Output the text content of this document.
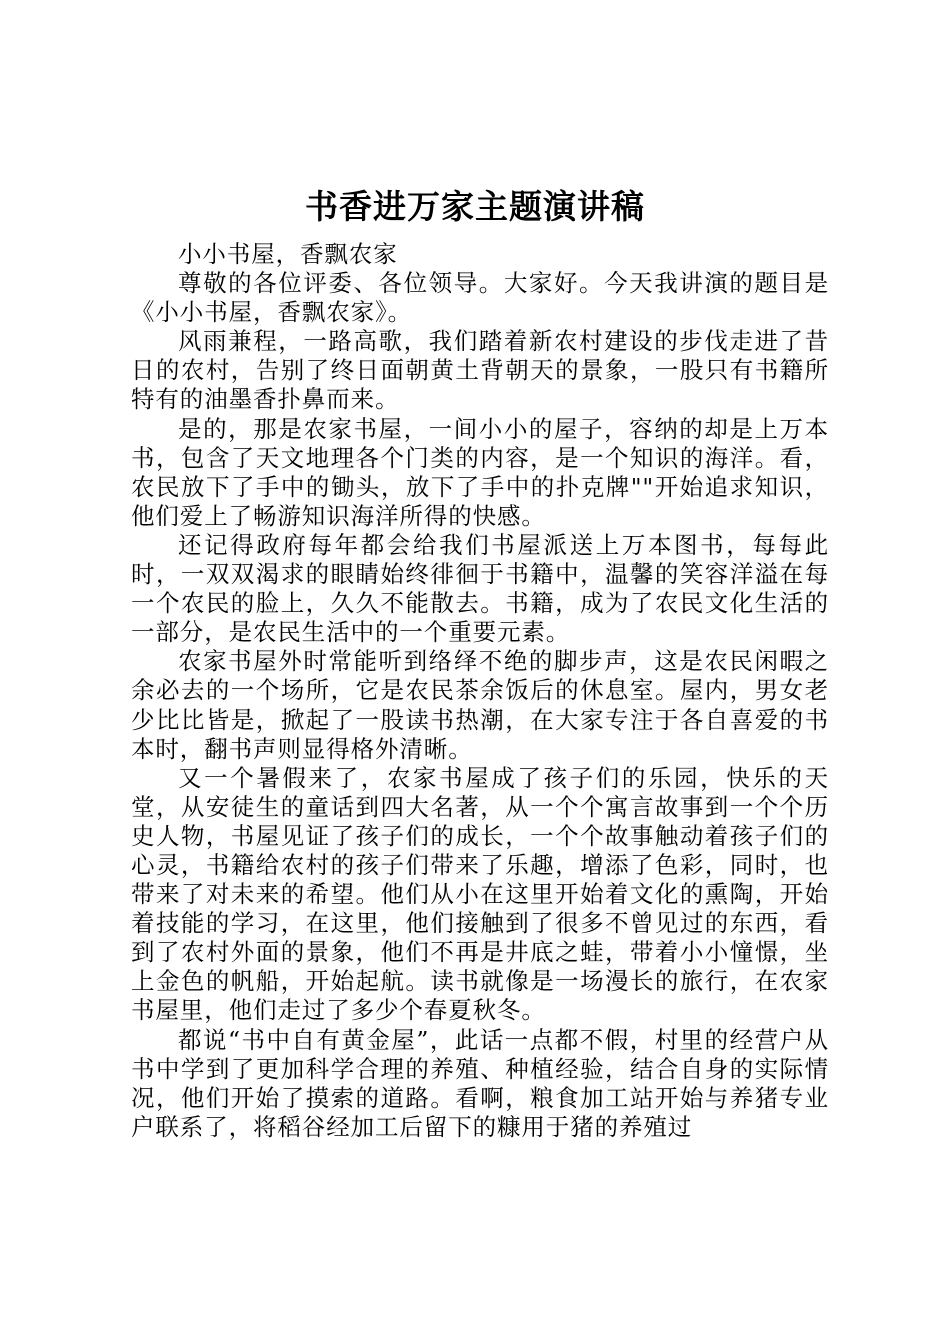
书香进万家主题演讲稿

小小书屋，香飘农家

尊敬的各位评委、各位领导。大家好。今天我讲演的题目是《小小书屋，香飘农家》。

风雨兼程，一路高歌，我们踏着新农村建设的步伐走进了昔日的农村，告别了终日面朝黄土背朝天的景象，一股只有书籍所特有的油墨香扑鼻而来。

是的，那是农家书屋，一间小小的屋子，容纳的却是上万本书，包含了天文地理各个门类的内容，是一个知识的海洋。看，农民放下了手中的锄头，放下了手中的扑克牌""开始追求知识，他们爱上了畅游知识海洋所得的快感。

还记得政府每年都会给我们书屋派送上万本图书，每每此时，一双双渴求的眼睛始终徘徊于书籍中，温馨的笑容洋溢在每一个农民的脸上，久久不能散去。书籍，成为了农民文化生活的一部分，是农民生活中的一个重要元素。

农家书屋外时常能听到络绎不绝的脚步声，这是农民闲暇之余必去的一个场所，它是农民茶余饭后的休息室。屋内，男女老少比比皆是，掀起了一股读书热潮，在大家专注于各自喜爱的书本时，翻书声则显得格外清晰。

又一个暑假来了，农家书屋成了孩子们的乐园，快乐的天堂，从安徒生的童话到四大名著，从一个个寓言故事到一个个历史人物，书屋见证了孩子们的成长，一个个故事触动着孩子们的心灵，书籍给农村的孩子们带来了乐趣，增添了色彩，同时，也带来了对未来的希望。他们从小在这里开始着文化的熏陶，开始着技能的学习，在这里，他们接触到了很多不曾见过的东西，看到了农村外面的景象，他们不再是井底之蛙，带着小小憧憬，坐上金色的帆船，开始起航。读书就像是一场漫长的旅行，在农家书屋里，他们走过了多少个春夏秋冬。

都说“书中自有黄金屋”，此话一点都不假，村里的经营户从书中学到了更加科学合理的养殖、种植经验，结合自身的实际情况，他们开始了摸索的道路。看啊，粮食加工站开始与养猪专业户联系了，将稻谷经加工后留下的糠用于猪的养殖过
